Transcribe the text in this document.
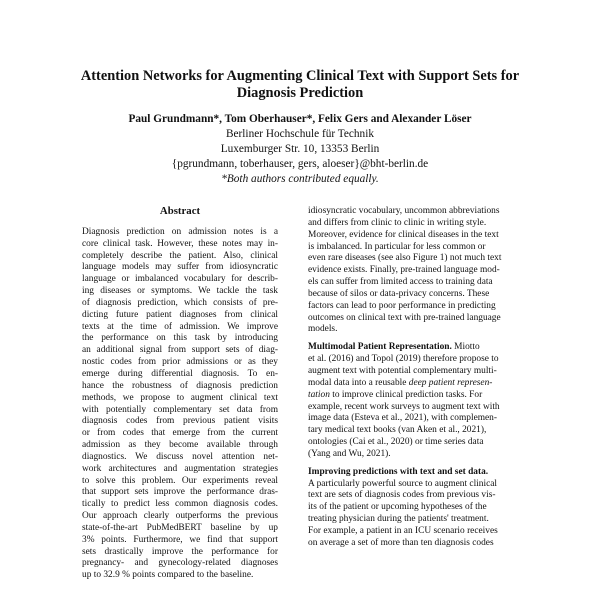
Attention Networks for Augmenting Clinical Text with Support Sets for
Diagnosis Prediction
Paul Grundmann*, Tom Oberhauser*, Felix Gers and Alexander Löser
Berliner Hochschule für Technik
Luxemburger Str. 10, 13353 Berlin
{pgrundmann, toberhauser, gers, aloeser}@bht-berlin.de
*Both authors contributed equally.
Abstract
Diagnosis prediction on admission notes is a
core clinical task. However, these notes may in-
completely describe the patient. Also, clinical
language models may suffer from idiosyncratic
language or imbalanced vocabulary for describ-
ing diseases or symptoms. We tackle the task
of diagnosis prediction, which consists of pre-
dicting future patient diagnoses from clinical
texts at the time of admission. We improve
the performance on this task by introducing
an additional signal from support sets of diag-
nostic codes from prior admissions or as they
emerge during differential diagnosis. To en-
hance the robustness of diagnosis prediction
methods, we propose to augment clinical text
with potentially complementary set data from
diagnosis codes from previous patient visits
or from codes that emerge from the current
admission as they become available through
diagnostics. We discuss novel attention net-
work architectures and augmentation strategies
to solve this problem. Our experiments reveal
that support sets improve the performance dras-
tically to predict less common diagnosis codes.
Our approach clearly outperforms the previous
state-of-the-art PubMedBERT baseline by up
3% points. Furthermore, we find that support
sets drastically improve the performance for
pregnancy- and gynecology-related diagnoses
up to 32.9 % points compared to the baseline.
idiosyncratic vocabulary, uncommon abbreviations
and differs from clinic to clinic in writing style.
Moreover, evidence for clinical diseases in the text
is imbalanced. In particular for less common or
even rare diseases (see also Figure 1) not much text
evidence exists. Finally, pre-trained language mod-
els can suffer from limited access to training data
because of silos or data-privacy concerns. These
factors can lead to poor performance in predicting
outcomes on clinical text with pre-trained language
models.
Multimodal Patient Representation. Miotto
et al. (2016) and Topol (2019) therefore propose to
augment text with potential complementary multi-
modal data into a reusable deep patient represen-
tation to improve clinical prediction tasks. For
example, recent work surveys to augment text with
image data (Esteva et al., 2021), with complemen-
tary medical text books (van Aken et al., 2021),
ontologies (Cai et al., 2020) or time series data
(Yang and Wu, 2021).
Improving predictions with text and set data.
A particularly powerful source to augment clinical
text are sets of diagnosis codes from previous vis-
its of the patient or upcoming hypotheses of the
treating physician during the patients' treatment.
For example, a patient in an ICU scenario receives
on average a set of more than ten diagnosis codes
